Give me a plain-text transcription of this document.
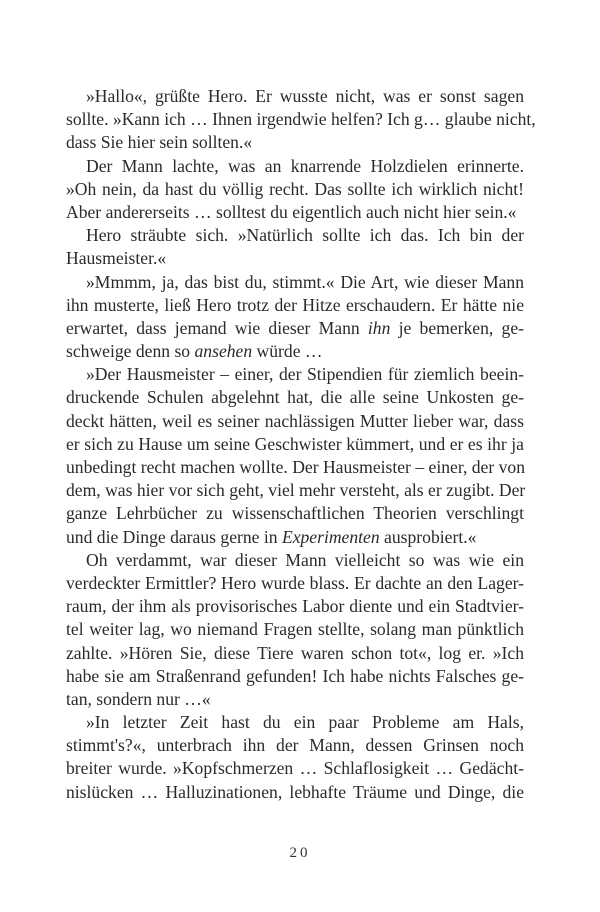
»Hallo«, grüßte Hero. Er wusste nicht, was er sonst sagen
sollte. »Kann ich … Ihnen irgendwie helfen? Ich g… glaube nicht,
dass Sie hier sein sollten.«
Der Mann lachte, was an knarrende Holzdielen erinnerte.
»Oh nein, da hast du völlig recht. Das sollte ich wirklich nicht!
Aber andererseits … solltest du eigentlich auch nicht hier sein.«
Hero sträubte sich. »Natürlich sollte ich das. Ich bin der
Hausmeister.«
»Mmmm, ja, das bist du, stimmt.« Die Art, wie dieser Mann
ihn musterte, ließ Hero trotz der Hitze erschaudern. Er hätte nie
erwartet, dass jemand wie dieser Mann ihn je bemerken, ge-
schweige denn so ansehen würde …
»Der Hausmeister – einer, der Stipendien für ziemlich beein-
druckende Schulen abgelehnt hat, die alle seine Unkosten ge-
deckt hätten, weil es seiner nachlässigen Mutter lieber war, dass
er sich zu Hause um seine Geschwister kümmert, und er es ihr ja
unbedingt recht machen wollte. Der Hausmeister – einer, der von
dem, was hier vor sich geht, viel mehr versteht, als er zugibt. Der
ganze Lehrbücher zu wissenschaftlichen Theorien verschlingt
und die Dinge daraus gerne in Experimenten ausprobiert.«
Oh verdammt, war dieser Mann vielleicht so was wie ein
verdeckter Ermittler? Hero wurde blass. Er dachte an den Lager-
raum, der ihm als provisorisches Labor diente und ein Stadtvier-
tel weiter lag, wo niemand Fragen stellte, solang man pünktlich
zahlte. »Hören Sie, diese Tiere waren schon tot«, log er. »Ich
habe sie am Straßenrand gefunden! Ich habe nichts Falsches ge-
tan, sondern nur …«
»In letzter Zeit hast du ein paar Probleme am Hals,
stimmt's?«, unterbrach ihn der Mann, dessen Grinsen noch
breiter wurde. »Kopfschmerzen … Schlaflosigkeit … Gedächt-
nislücken … Halluzinationen, lebhafte Träume und Dinge, die
20
